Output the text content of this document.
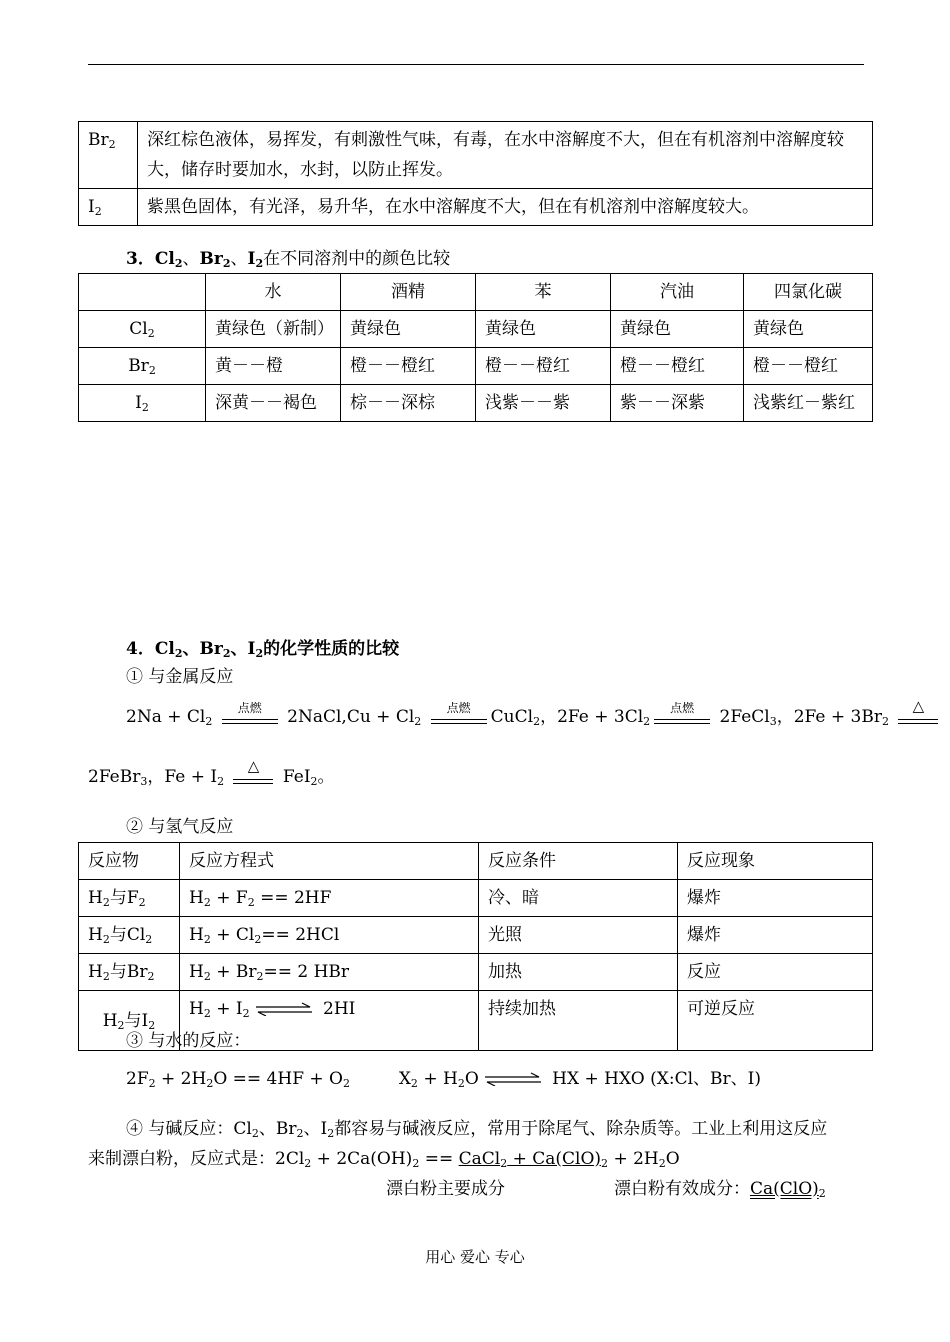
$Br_2$	深红棕色液体，易挥发，有刺激性气味，有毒，在水中溶解度不大，但在有机溶剂中溶解度较大，储存时要加水，水封，以防止挥发。
$I_2$	紫黑色固体，有光泽，易升华，在水中溶解度不大，但在有机溶剂中溶解度较大。
3．$Cl_2$、$Br_2$、$I_2$在不同溶剂中的颜色比较
	水	酒精	苯	汽油	四氯化碳
$Cl_2$	黄绿色（新制）	黄绿色	黄绿色	黄绿色	黄绿色
$Br_2$	黄－－橙	橙－－橙红	橙－－橙红	橙－－橙红	橙－－橙红
$I_2$	深黄－－褐色	棕－－深棕	浅紫－－紫	紫－－深紫	浅紫红－紫红
4．$Cl_2$、$Br_2$、$I_2$的化学性质的比较
① 与金属反应
$2Na + Cl_2$
点燃	2NaCl,Cu + $Cl_2$
点燃	CuCl$_2$，$2Fe + 3Cl_2$
点燃	2FeCl$_3$，$2Fe + 3Br_2$
△
2FeBr$_3$，$Fe + I_2$
△
FeI$_2$。
② 与氢气反应
反应物	反应方程式	反应条件	反应现象
$H_2$与$F_2$	$H_2 + F_2 == 2HF$	冷、暗	爆炸
$H_2$与$Cl_2$	$H_2 + Cl_2== 2HCl$	光照	爆炸
$H_2$与$Br_2$	$H_2 + Br_2== 2$ HBr	加热	反应
$H_2$与$I_2$	$H_2 + I_2$ ⇌ 2HI	持续加热	可逆反应
③ 与水的反应：
$2F_2 + 2H_2O == 4HF + O_2$	$X_2 + H_2O$ ⇌ HX + HXO (X:Cl、Br、I)
④ 与碱反应：$Cl_2$、$Br_2$、$I_2$都容易与碱液反应，常用于除尾气、除杂质等。工业上利用这反应
来制漂白粉，反应式是：$2Cl_2 + 2Ca(OH)_2$ == CaCl$_2$ + $Ca(ClO)_2 + 2H_2O$
漂白粉主要成分	漂白粉有效成分：$Ca(ClO)_2$
用心 爱心 专心
